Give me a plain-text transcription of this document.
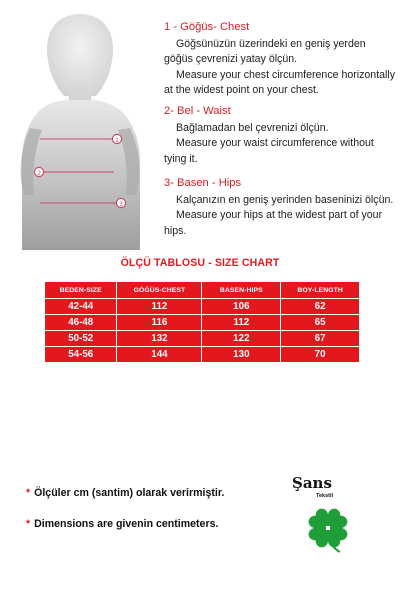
1
2
3
1 - Göğüs- Chest
Göğsünüzün üzerindeki en geniş yerden göğüs çevrenizi yatay ölçün.
Measure your chest circumference horizontally at the widest point on your chest.
2- Bel - Waist
Bağlamadan bel çevrenizi ölçün.
Measure your waist circumference without tying it.
3- Basen - Hips
Kalçanızın en geniş yerinden baseninizi ölçün.
Measure your hips at the widest part of your hips.
ÖLÇÜ TABLOSU - SIZE CHART
BEDEN-SIZE	GÖĞÜS-CHEST	BASEN-HIPS	BOY-LENGTH
42-44	112	106	62
46-48	116	112	65
50-52	132	122	67
54-56	144	130	70
* Ölçüler cm (santim) olarak verirmiştir.
* Dimensions are givenin centimeters.
Şans
Tekstil
